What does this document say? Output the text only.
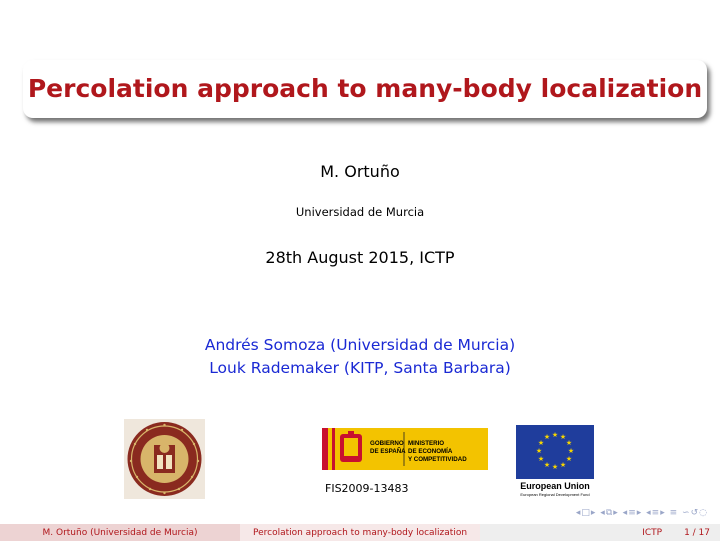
Percolation approach to many-body localization
M. Ortuño
Universidad de Murcia
28th August 2015, ICTP
Andrés Somoza (Universidad de Murcia)
Louk Rademaker (KITP, Santa Barbara)
GOBIERNO
DE ESPAÑA
MINISTERIO
DE ECONOMÍA
Y COMPETITIVIDAD
★ ★
★
★
★
★
★
★
★
★
★
★
European Union
European Regional Development Fund
FIS2009-13483
◂□▸ ◂⧉▸ ◂≡▸ ◂≡▸ ≡ ∽↺◌
M. Ortuño (Universidad de Murcia)	Percolation approach to many-body localization	ICTP 1 / 17
